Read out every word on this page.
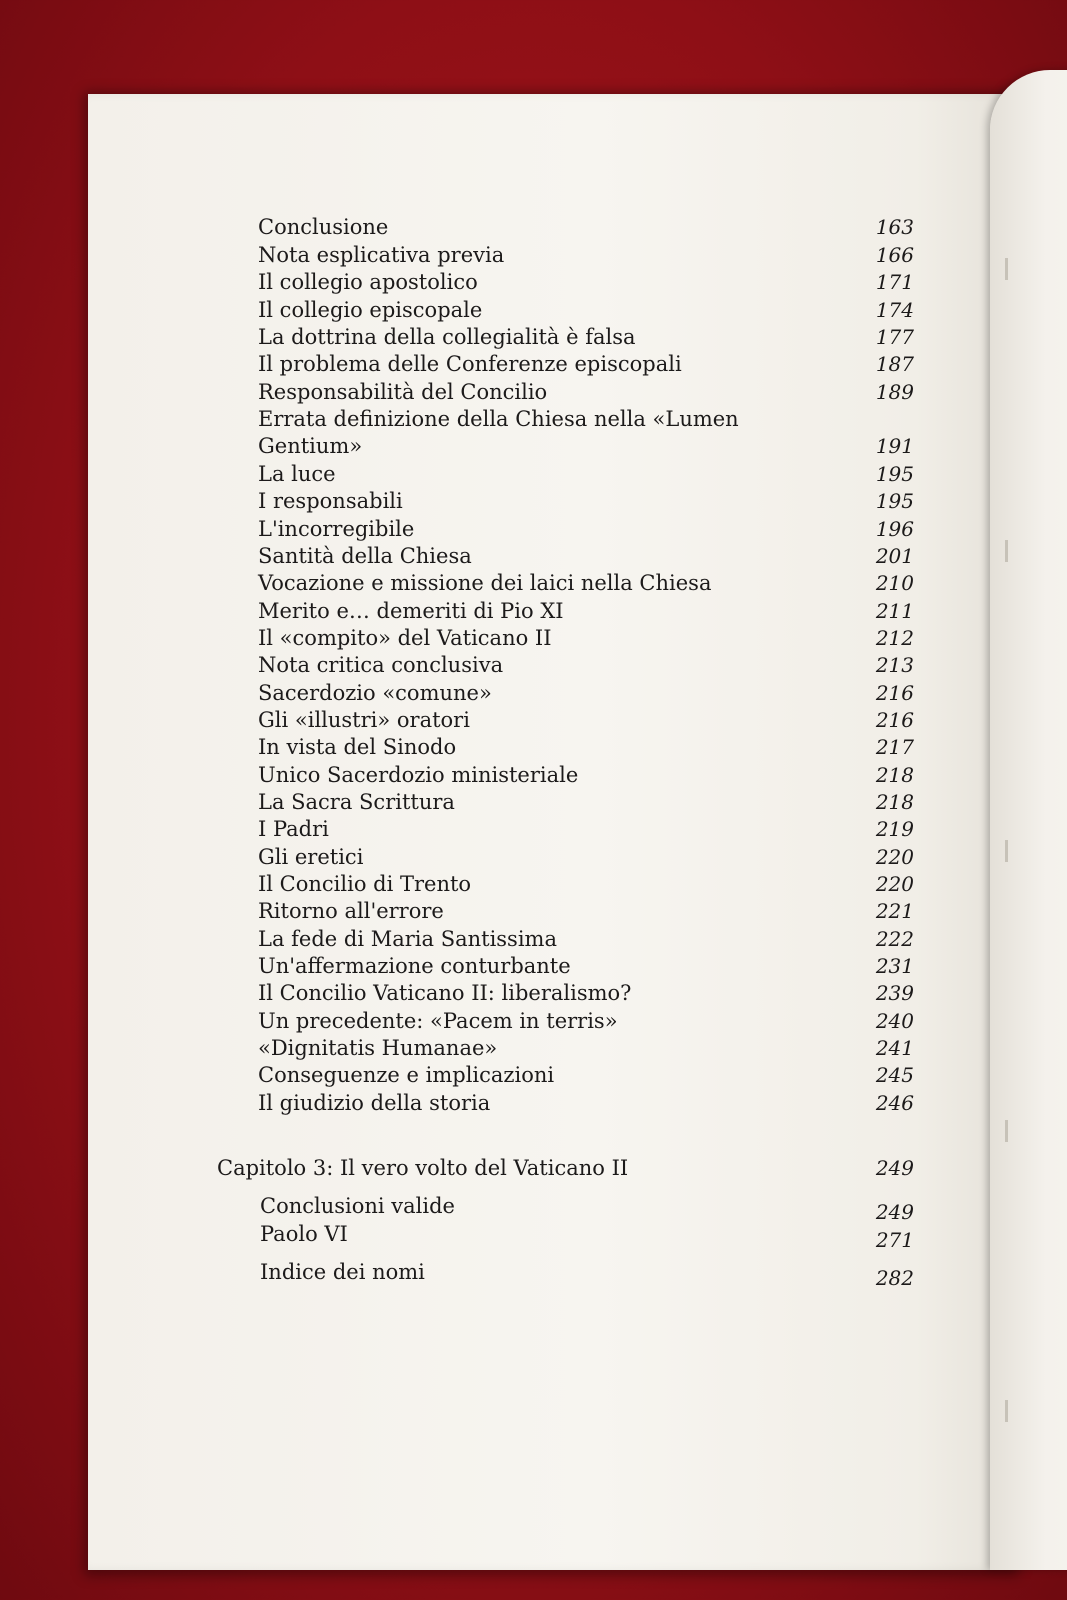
Conclusione	163
Nota esplicativa previa	166
Il collegio apostolico	171
Il collegio episcopale	174
La dottrina della collegialità è falsa	177
Il problema delle Conferenze episcopali	187
Responsabilità del Concilio	189
Errata definizione della Chiesa nella «Lumen
Gentium»	191
La luce	195
I responsabili	195
L'incorregibile	196
Santità della Chiesa	201
Vocazione e missione dei laici nella Chiesa	210
Merito e… demeriti di Pio XI	211
Il «compito» del Vaticano II	212
Nota critica conclusiva	213
Sacerdozio «comune»	216
Gli «illustri» oratori	216
In vista del Sinodo	217
Unico Sacerdozio ministeriale	218
La Sacra Scrittura	218
I Padri	219
Gli eretici	220
Il Concilio di Trento	220
Ritorno all'errore	221
La fede di Maria Santissima	222
Un'affermazione conturbante	231
Il Concilio Vaticano II: liberalismo?	239
Un precedente: «Pacem in terris»	240
«Dignitatis Humanae»	241
Conseguenze e implicazioni	245
Il giudizio della storia	246
Capitolo 3: Il vero volto del Vaticano II	249
Conclusioni valide	249
Paolo VI	271
Indice dei nomi	282
